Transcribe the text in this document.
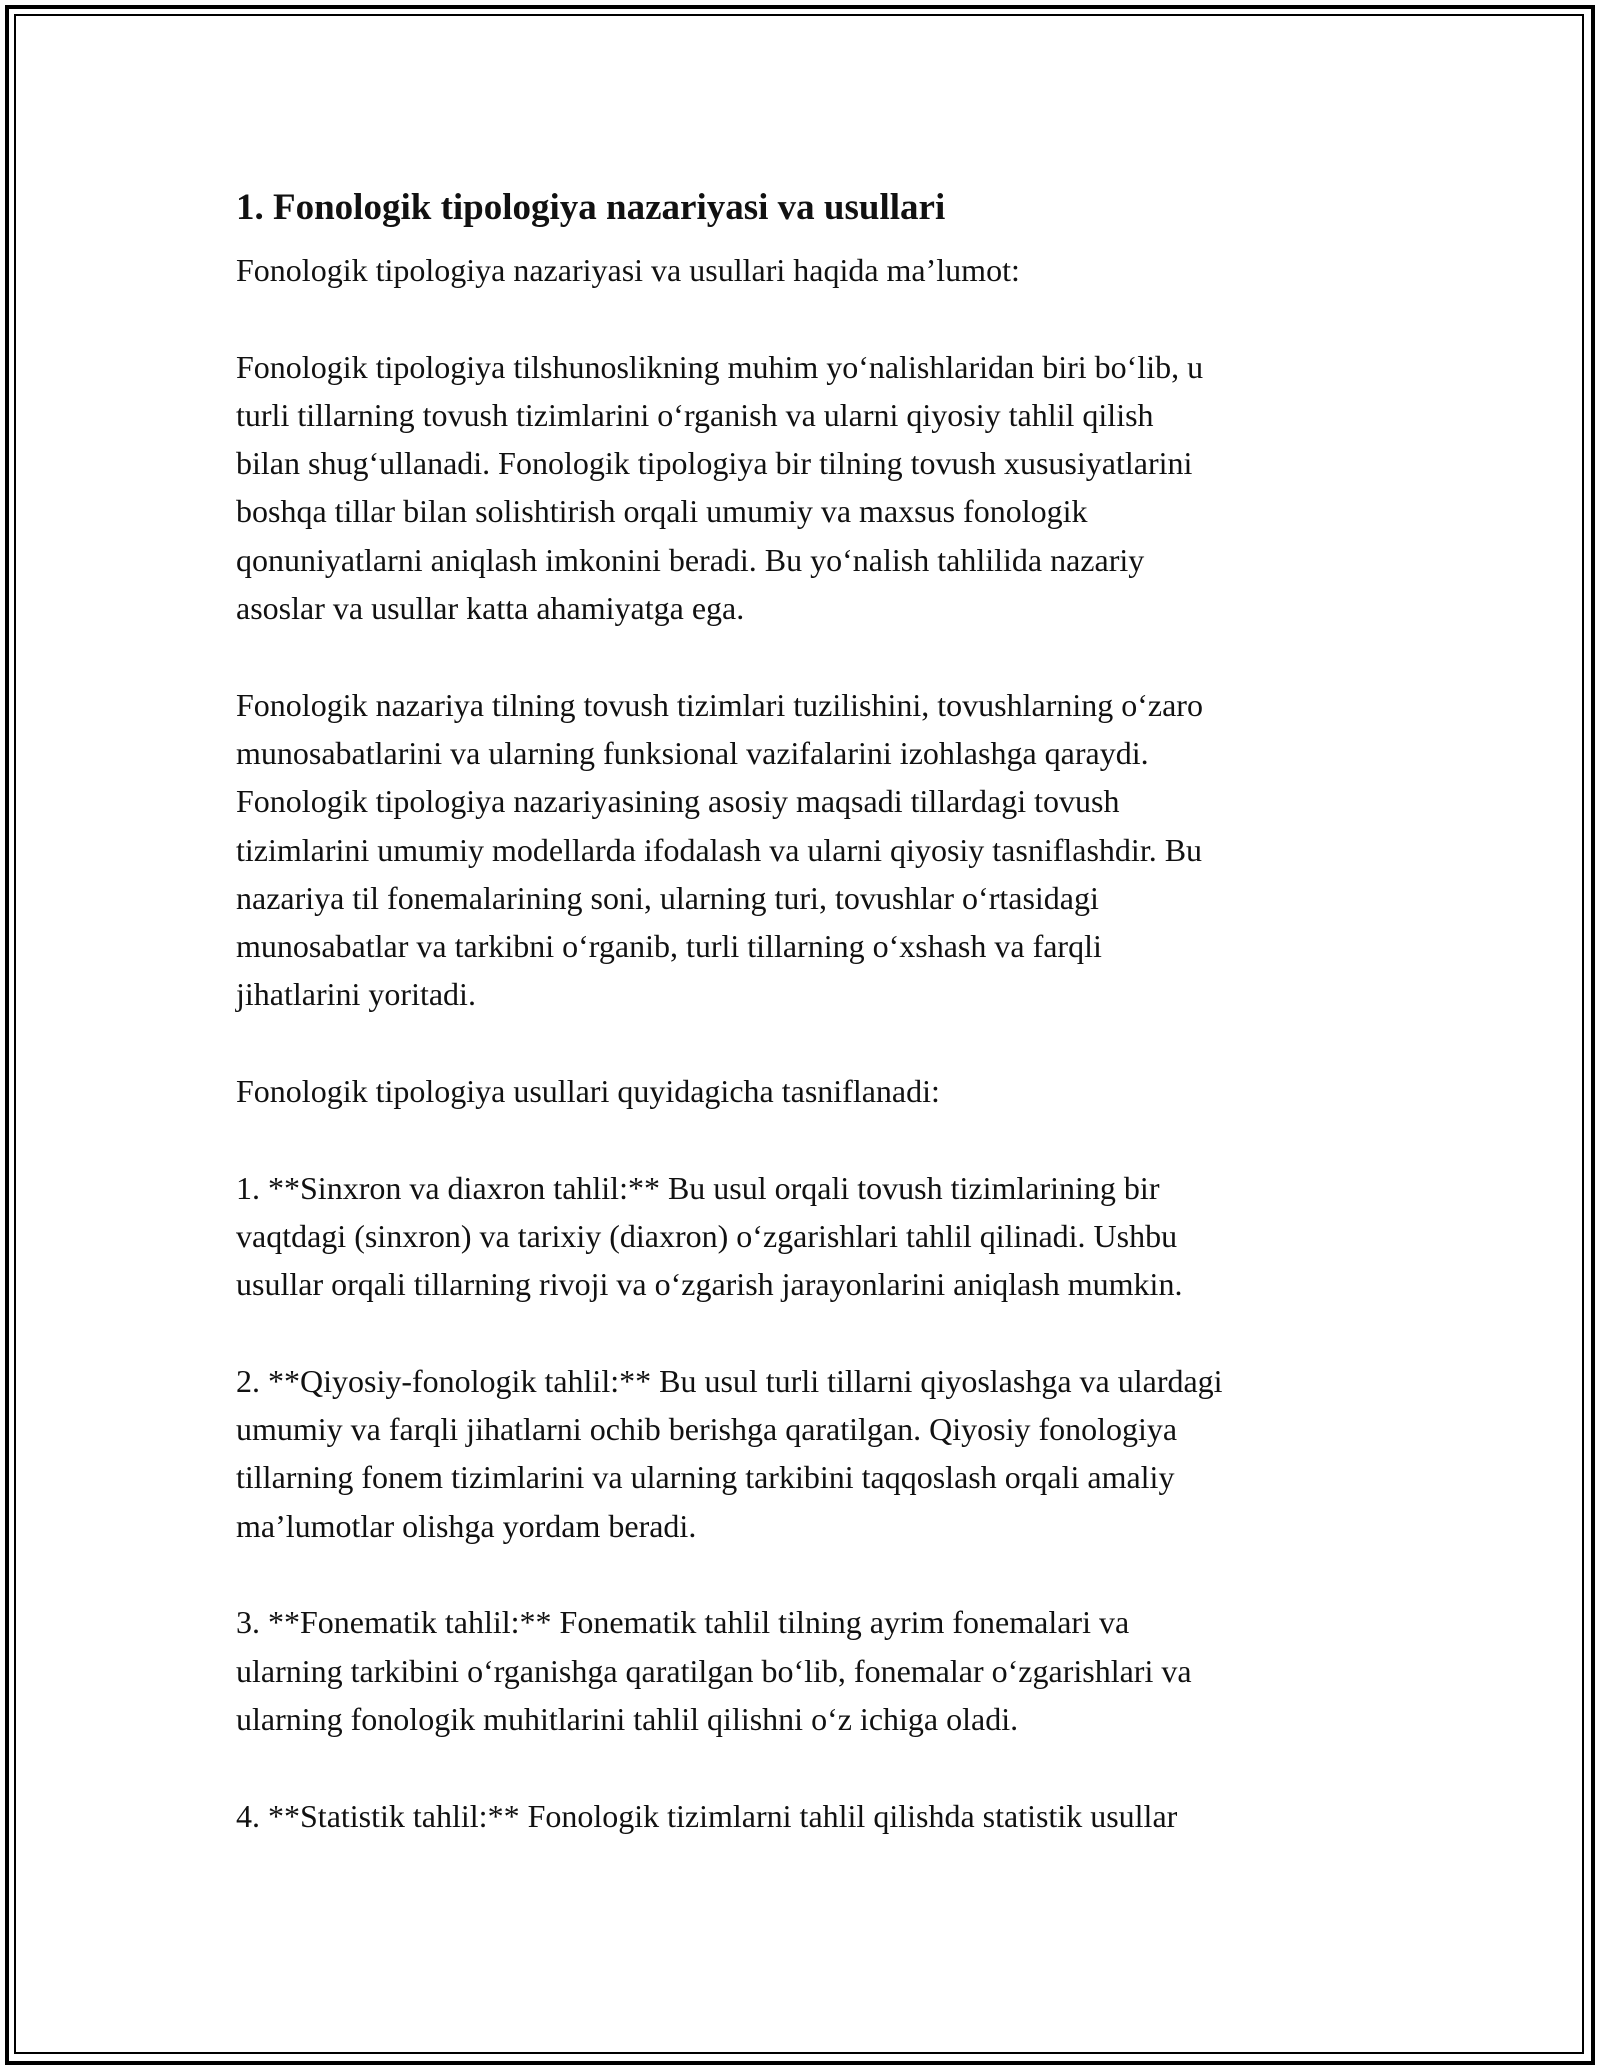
1. Fonologik tipologiya nazariyasi va usullari

Fonologik tipologiya nazariyasi va usullari haqida ma’lumot:

Fonologik tipologiya tilshunoslikning muhim yo‘nalishlaridan biri bo‘lib, u
turli tillarning tovush tizimlarini o‘rganish va ularni qiyosiy tahlil qilish
bilan shug‘ullanadi. Fonologik tipologiya bir tilning tovush xususiyatlarini
boshqa tillar bilan solishtirish orqali umumiy va maxsus fonologik
qonuniyatlarni aniqlash imkonini beradi. Bu yo‘nalish tahlilida nazariy
asoslar va usullar katta ahamiyatga ega.

Fonologik nazariya tilning tovush tizimlari tuzilishini, tovushlarning o‘zaro
munosabatlarini va ularning funksional vazifalarini izohlashga qaraydi.
Fonologik tipologiya nazariyasining asosiy maqsadi tillardagi tovush
tizimlarini umumiy modellarda ifodalash va ularni qiyosiy tasniflashdir. Bu
nazariya til fonemalarining soni, ularning turi, tovushlar o‘rtasidagi
munosabatlar va tarkibni o‘rganib, turli tillarning o‘xshash va farqli
jihatlarini yoritadi.

Fonologik tipologiya usullari quyidagicha tasniflanadi:

1. **Sinxron va diaxron tahlil:** Bu usul orqali tovush tizimlarining bir
vaqtdagi (sinxron) va tarixiy (diaxron) o‘zgarishlari tahlil qilinadi. Ushbu
usullar orqali tillarning rivoji va o‘zgarish jarayonlarini aniqlash mumkin.

2. **Qiyosiy-fonologik tahlil:** Bu usul turli tillarni qiyoslashga va ulardagi
umumiy va farqli jihatlarni ochib berishga qaratilgan. Qiyosiy fonologiya
tillarning fonem tizimlarini va ularning tarkibini taqqoslash orqali amaliy
ma’lumotlar olishga yordam beradi.

3. **Fonematik tahlil:** Fonematik tahlil tilning ayrim fonemalari va
ularning tarkibini o‘rganishga qaratilgan bo‘lib, fonemalar o‘zgarishlari va
ularning fonologik muhitlarini tahlil qilishni o‘z ichiga oladi.

4. **Statistik tahlil:** Fonologik tizimlarni tahlil qilishda statistik usullar
